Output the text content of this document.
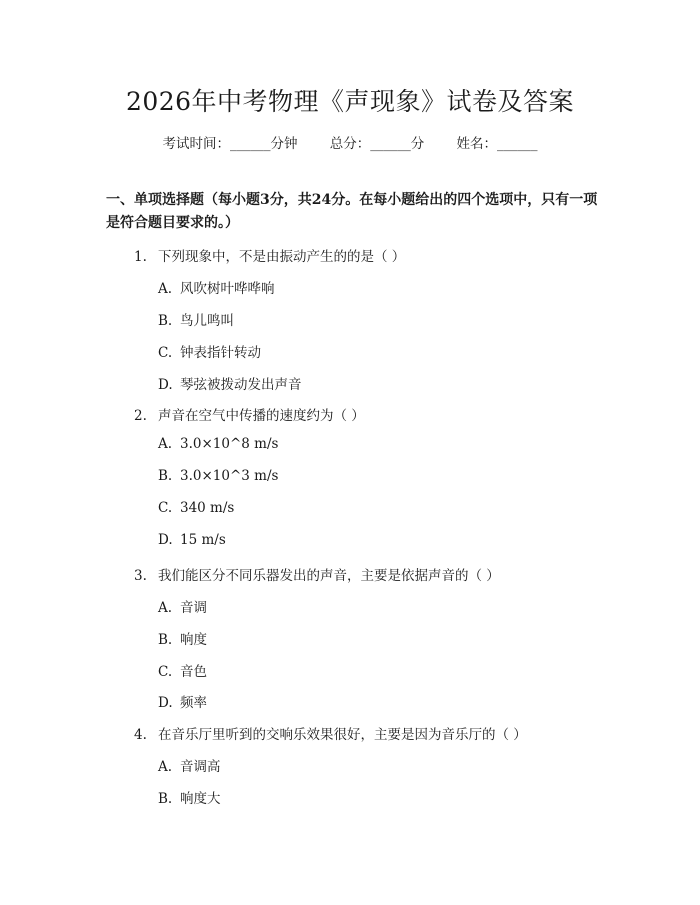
2026年中考物理《声现象》试卷及答案
考试时间：______分钟 总分：______分 姓名：______
一、单项选择题（每小题3分，共24分。在每小题给出的四个选项中，只有一项是符合题目要求的。）
1. 下列现象中，不是由振动产生的的是（ ）
A. 风吹树叶哗哗响
B. 鸟儿鸣叫
C. 钟表指针转动
D. 琴弦被拨动发出声音
2. 声音在空气中传播的速度约为（ ）
A. 3.0×10^8 m/s
B. 3.0×10^3 m/s
C. 340 m/s
D. 15 m/s
3. 我们能区分不同乐器发出的声音，主要是依据声音的（ ）
A. 音调
B. 响度
C. 音色
D. 频率
4. 在音乐厅里听到的交响乐效果很好，主要是因为音乐厅的（ ）
A. 音调高
B. 响度大
